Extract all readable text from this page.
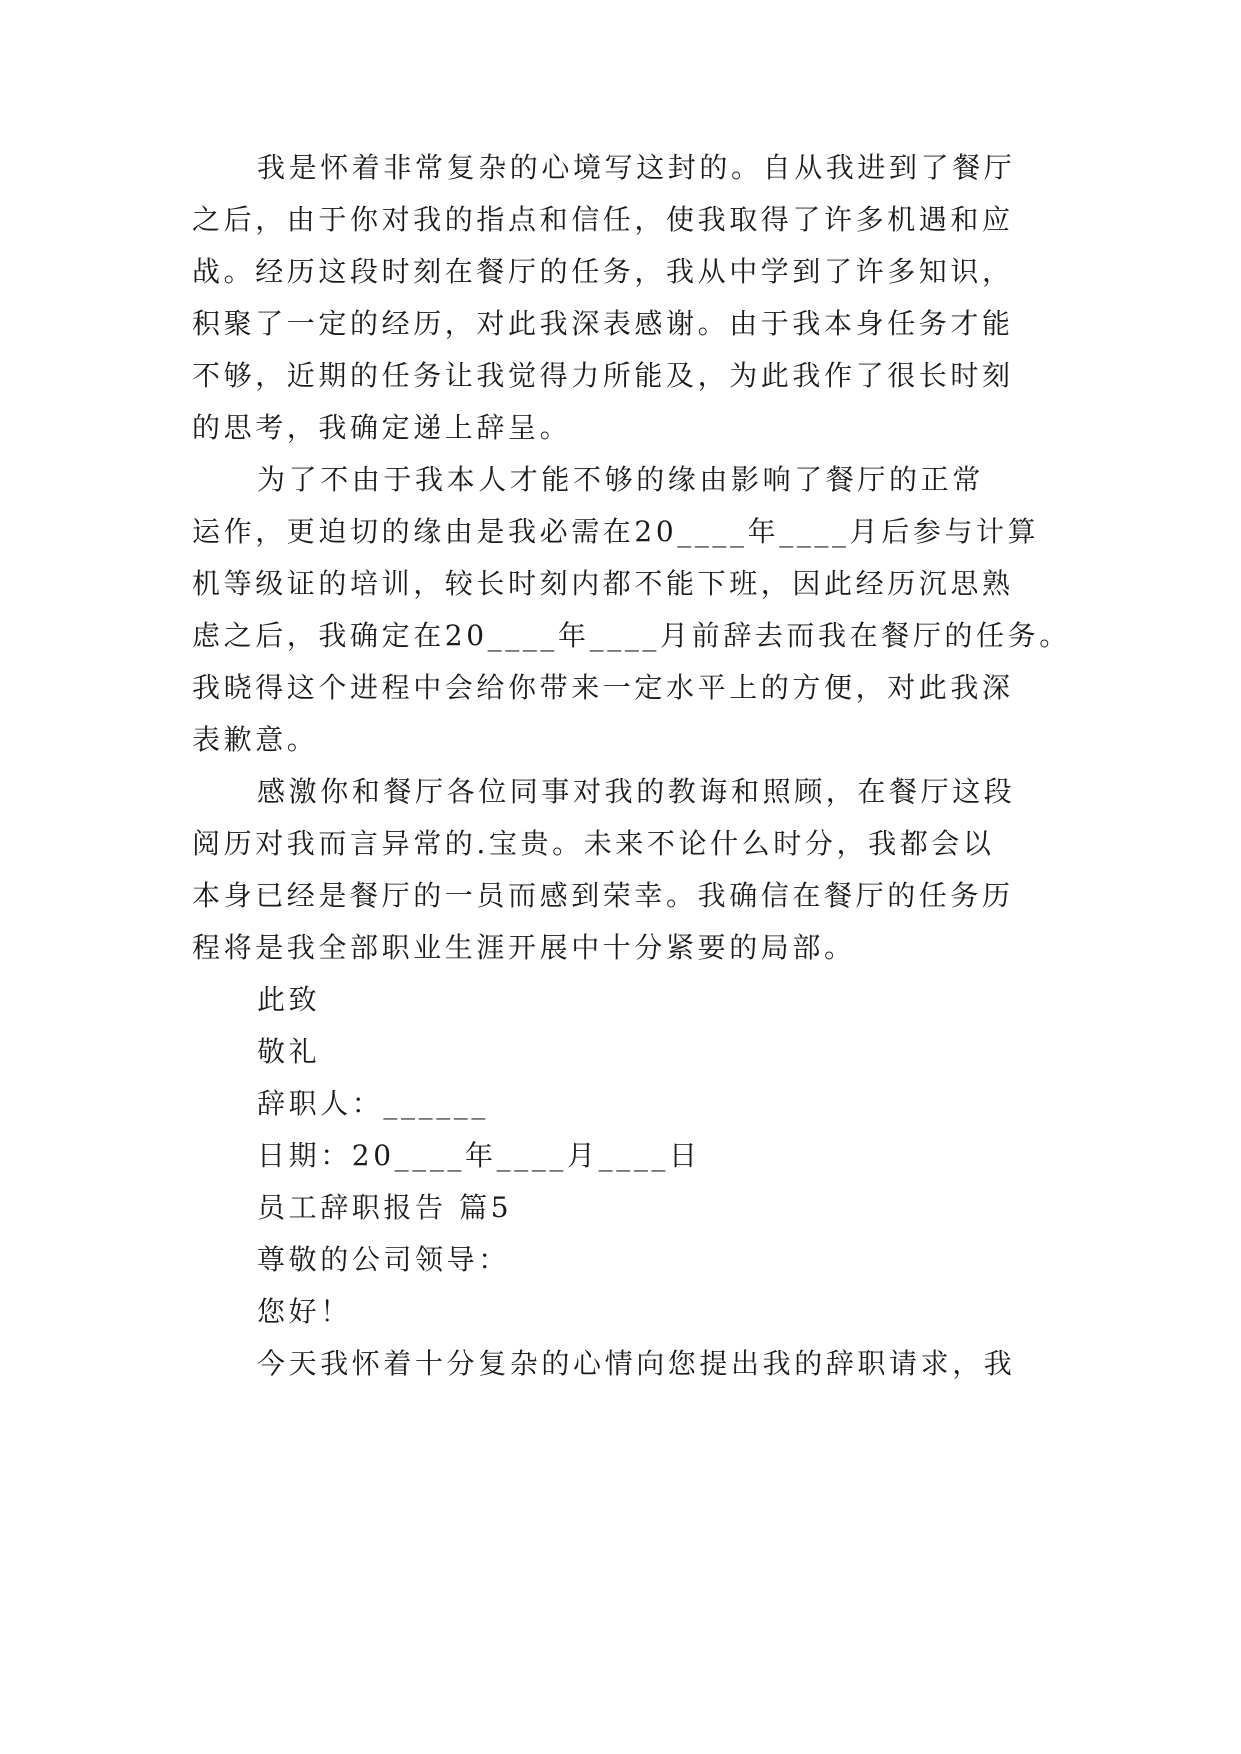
我是怀着非常复杂的心境写这封的。自从我进到了餐厅
之后，由于你对我的指点和信任，使我取得了许多机遇和应
战。经历这段时刻在餐厅的任务，我从中学到了许多知识，
积聚了一定的经历，对此我深表感谢。由于我本身任务才能
不够，近期的任务让我觉得力所能及，为此我作了很长时刻
的思考，我确定递上辞呈。
为了不由于我本人才能不够的缘由影响了餐厅的正常
运作，更迫切的缘由是我必需在20____年____月后参与计算
机等级证的培训，较长时刻内都不能下班，因此经历沉思熟
虑之后，我确定在20____年____月前辞去而我在餐厅的任务。
我晓得这个进程中会给你带来一定水平上的方便，对此我深
表歉意。
感激你和餐厅各位同事对我的教诲和照顾，在餐厅这段
阅历对我而言异常的.宝贵。未来不论什么时分，我都会以
本身已经是餐厅的一员而感到荣幸。我确信在餐厅的任务历
程将是我全部职业生涯开展中十分紧要的局部。
此致
敬礼
辞职人：______
日期：20____年____月____日
员工辞职报告 篇5
尊敬的公司领导：
您好！
今天我怀着十分复杂的心情向您提出我的辞职请求，我
